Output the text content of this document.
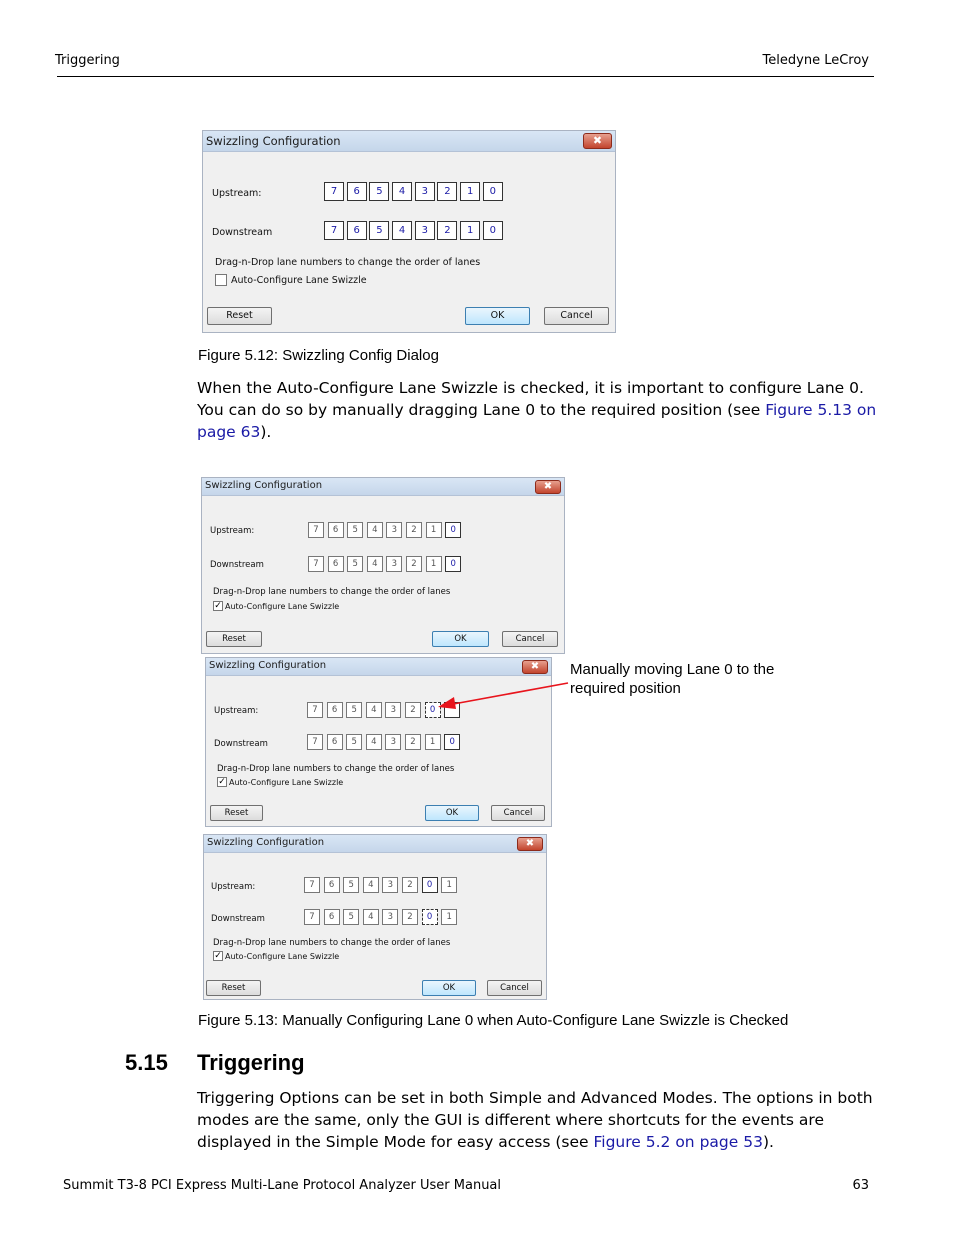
Triggering	Teledyne LeCroy
Swizzling Configuration	✖
Upstream:	7	6	5	4	3	2	1	0
Downstream	7	6	5	4	3	2	1	0
Drag-n-Drop lane numbers to change the order of lanes
Auto-Configure Lane Swizzle
Reset	OK	Cancel
Figure 5.12: Swizzling Config Dialog
When the Auto-Configure Lane Swizzle is checked, it is important to configure Lane 0. You can do so by manually dragging Lane 0 to the required position (see Figure 5.13 on page 63).
Swizzling Configuration	✖
Upstream:	7	6	5	4	3	2	1	0
Downstream	7	6	5	4	3	2	1	0
Drag-n-Drop lane numbers to change the order of lanes
✓ Auto-Configure Lane Swizzle
Reset	OK	Cancel
Swizzling Configuration	✖
Upstream:	7	6	5	4	3	2	0
Downstream	7	6	5	4	3	2	1	0
Drag-n-Drop lane numbers to change the order of lanes
✓ Auto-Configure Lane Swizzle
Reset	OK	Cancel
Manually moving Lane 0 to the required position
Swizzling Configuration	✖
Upstream:	7	6	5	4	3	2	0	1
Downstream	7	6	5	4	3	2	0	1
Drag-n-Drop lane numbers to change the order of lanes
✓ Auto-Configure Lane Swizzle
Reset	OK	Cancel
Figure 5.13: Manually Configuring Lane 0 when Auto-Configure Lane Swizzle is Checked
5.15 Triggering
Triggering Options can be set in both Simple and Advanced Modes. The options in both modes are the same, only the GUI is different where shortcuts for the events are displayed in the Simple Mode for easy access (see Figure 5.2 on page 53).
Summit T3-8 PCI Express Multi-Lane Protocol Analyzer User Manual	63
